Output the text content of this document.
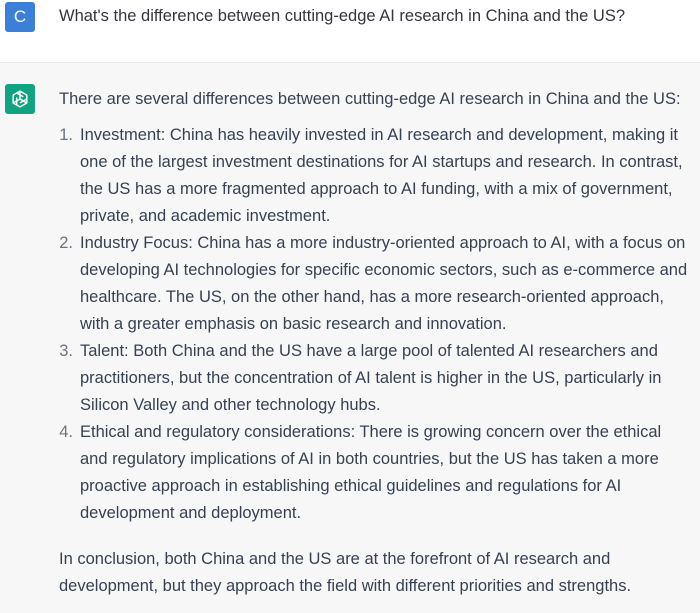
C	What's the difference between cutting-edge AI research in China and the US?

There are several differences between cutting-edge AI research in China and the US:

1. Investment: China has heavily invested in AI research and development, making it one of the largest investment destinations for AI startups and research. In contrast, the US has a more fragmented approach to AI funding, with a mix of government, private, and academic investment.
2. Industry Focus: China has a more industry-oriented approach to AI, with a focus on developing AI technologies for specific economic sectors, such as e-commerce and healthcare. The US, on the other hand, has a more research-oriented approach, with a greater emphasis on basic research and innovation.
3. Talent: Both China and the US have a large pool of talented AI researchers and practitioners, but the concentration of AI talent is higher in the US, particularly in Silicon Valley and other technology hubs.
4. Ethical and regulatory considerations: There is growing concern over the ethical and regulatory implications of AI in both countries, but the US has taken a more proactive approach in establishing ethical guidelines and regulations for AI development and deployment.

In conclusion, both China and the US are at the forefront of AI research and development, but they approach the field with different priorities and strengths.
